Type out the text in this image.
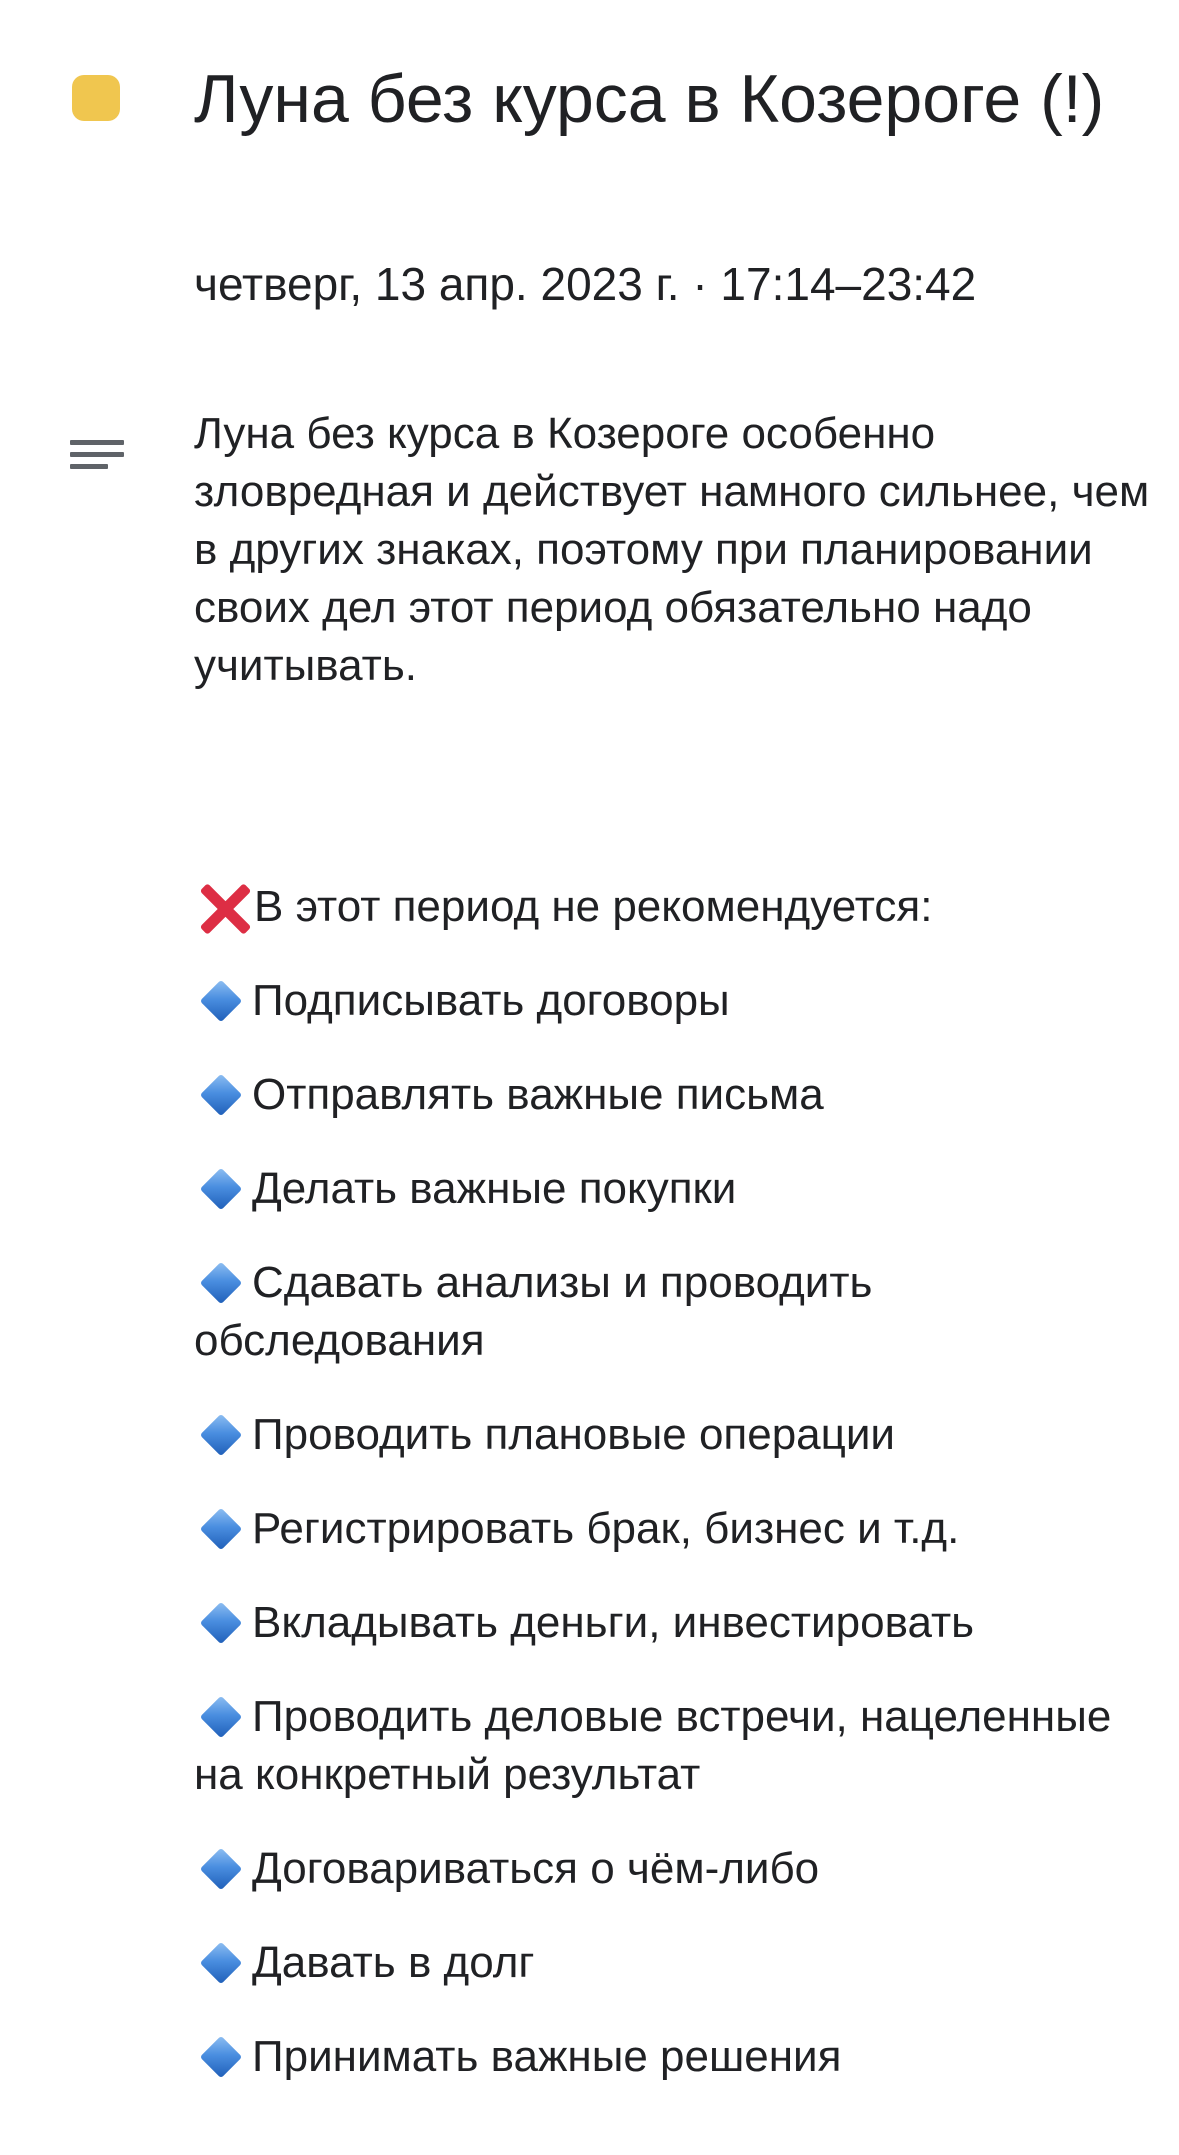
Луна без курса в Козероге (!)
четверг, 13 апр. 2023 г. · 17:14–23:42
Луна без курса в Козероге особенно зловредная и действует намного сильнее, чем в других знаках, поэтому при планировании своих дел этот период обязательно надо учитывать.
В этот период не рекомендуется:
Подписывать договоры
Отправлять важные письма
Делать важные покупки
Сдавать анализы и проводить обследования
Проводить плановые операции
Регистрировать брак, бизнес и т.д.
Вкладывать деньги, инвестировать
Проводить деловые встречи, нацеленные на конкретный результат
Договариваться о чём-либо
Давать в долг
Принимать важные решения
